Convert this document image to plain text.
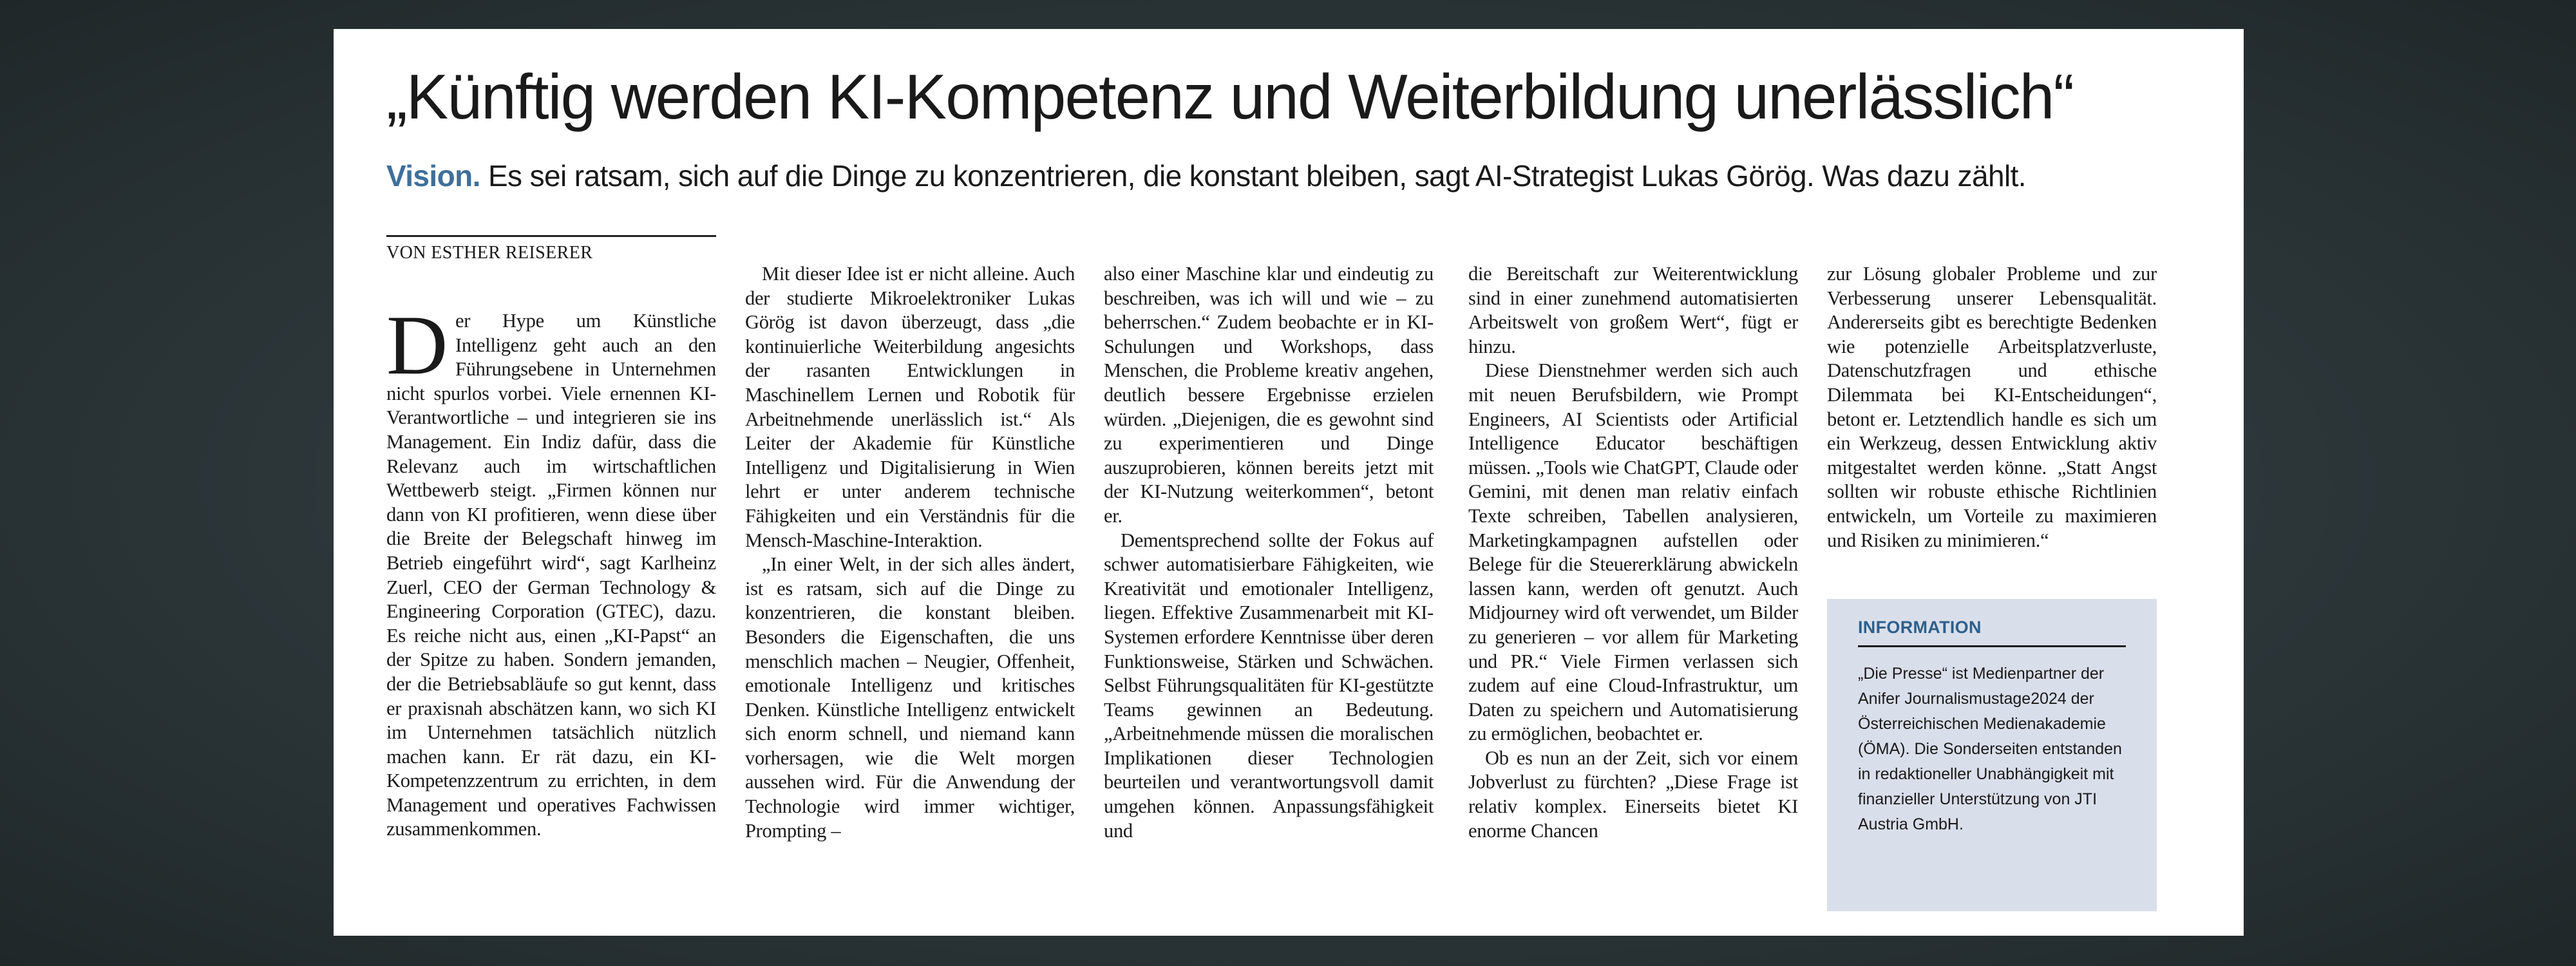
„Künftig werden KI-Kompetenz und Weiterbildung unerlässlich“
Vision. Es sei ratsam, sich auf die Dinge zu konzentrieren, die konstant bleiben, sagt AI-Strategist Lukas Görög. Was dazu zählt.
VON ESTHER REISERER

Der Hype um Künstliche Intelligenz geht auch an den Führungsebene in Unternehmen nicht spurlos vorbei. Viele ernennen KI-Verantwortliche – und integrieren sie ins Management. Ein Indiz dafür, dass die Relevanz auch im wirtschaftlichen Wettbewerb steigt. „Firmen können nur dann von KI profitieren, wenn diese über die Breite der Belegschaft hinweg im Betrieb eingeführt wird“, sagt Karlheinz Zuerl, CEO der German Technology & Engineering Corporation (GTEC), dazu. Es reiche nicht aus, einen „KI-Papst“ an der Spitze zu haben. Sondern jemanden, der die Betriebsabläufe so gut kennt, dass er praxisnah abschätzen kann, wo sich KI im Unternehmen tatsächlich nützlich machen kann. Er rät dazu, ein KI-Kompetenzzentrum zu errichten, in dem Management und operatives Fachwissen zusammenkommen.

Mit dieser Idee ist er nicht alleine. Auch der studierte Mikroelektroniker Lukas Görög ist davon überzeugt, dass „die kontinuierliche Weiterbildung angesichts der rasanten Entwicklungen in Maschinellem Lernen und Robotik für Arbeitnehmende unerlässlich ist.“ Als Leiter der Akademie für Künstliche Intelligenz und Digitalisierung in Wien lehrt er unter anderem technische Fähigkeiten und ein Verständnis für die Mensch-Maschine-Interaktion.

„In einer Welt, in der sich alles ändert, ist es ratsam, sich auf die Dinge zu konzentrieren, die konstant bleiben. Besonders die Eigenschaften, die uns menschlich machen – Neugier, Offenheit, emotionale Intelligenz und kritisches Denken. Künstliche Intelligenz entwickelt sich enorm schnell, und niemand kann vorhersagen, wie die Welt morgen aussehen wird. Für die Anwendung der Technologie wird immer wichtiger, Prompting –

also einer Maschine klar und eindeutig zu beschreiben, was ich will und wie – zu beherrschen.“ Zudem beobachte er in KI-Schulungen und Workshops, dass Menschen, die Probleme kreativ angehen, deutlich bessere Ergebnisse erzielen würden. „Diejenigen, die es gewohnt sind zu experimentieren und Dinge auszuprobieren, können bereits jetzt mit der KI-Nutzung weiterkommen“, betont er.

Dementsprechend sollte der Fokus auf schwer automatisierbare Fähigkeiten, wie Kreativität und emotionaler Intelligenz, liegen. Effektive Zusammenarbeit mit KI-Systemen erfordere Kenntnisse über deren Funktionsweise, Stärken und Schwächen. Selbst Führungsqualitäten für KI-gestützte Teams gewinnen an Bedeutung. „Arbeitnehmende müssen die moralischen Implikationen dieser Technologien beurteilen und verantwortungsvoll damit umgehen können. Anpassungsfähigkeit und

die Bereitschaft zur Weiterentwicklung sind in einer zunehmend automatisierten Arbeitswelt von großem Wert“, fügt er hinzu.

Diese Dienstnehmer werden sich auch mit neuen Berufsbildern, wie Prompt Engineers, AI Scientists oder Artificial Intelligence Educator beschäftigen müssen. „Tools wie ChatGPT, Claude oder Gemini, mit denen man relativ einfach Texte schreiben, Tabellen analysieren, Marketingkampagnen aufstellen oder Belege für die Steuererklärung abwickeln lassen kann, werden oft genutzt. Auch Midjourney wird oft verwendet, um Bilder zu generieren – vor allem für Marketing und PR.“ Viele Firmen verlassen sich zudem auf eine Cloud-Infrastruktur, um Daten zu speichern und Automatisierung zu ermöglichen, beobachtet er.

Ob es nun an der Zeit, sich vor einem Jobverlust zu fürchten? „Diese Frage ist relativ komplex. Einerseits bietet KI enorme Chancen

zur Lösung globaler Probleme und zur Verbesserung unserer Lebensqualität. Andererseits gibt es berechtigte Bedenken wie potenzielle Arbeitsplatzverluste, Datenschutzfragen und ethische Dilemmata bei KI-Entscheidungen“, betont er. Letztendlich handle es sich um ein Werkzeug, dessen Entwicklung aktiv mitgestaltet werden könne. „Statt Angst sollten wir robuste ethische Richtlinien entwickeln, um Vorteile zu maximieren und Risiken zu minimieren.“

INFORMATION
„Die Presse“ ist Medienpartner der Anifer Journalismustage2024 der Österreichischen Medienakademie (ÖMA). Die Sonderseiten entstanden in redaktioneller Unabhängigkeit mit finanzieller Unterstützung von JTI Austria GmbH.
